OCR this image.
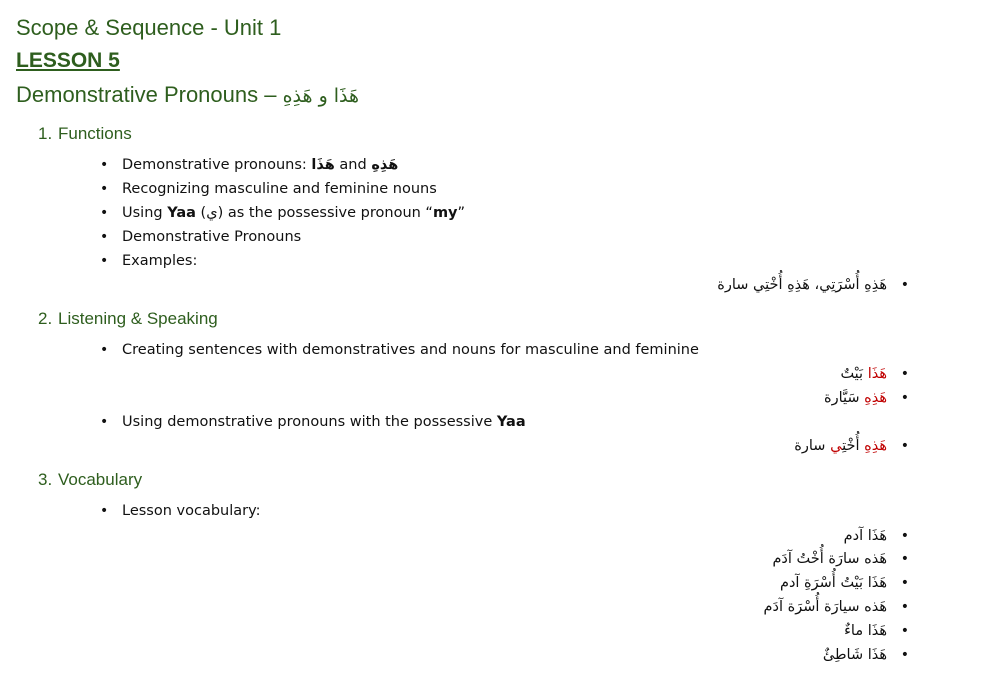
Scope & Sequence - Unit 1
LESSON 5
Demonstrative Pronouns – هَذَا و هَذِهِ
1. Functions
• Demonstrative pronouns: هَذَا and هَذِهِ
• Recognizing masculine and feminine nouns
• Using Yaa (ي) as the possessive pronoun “my”
• Demonstrative Pronouns
• Examples:
•
هَذِهِ أُسْرَتِي، هَذِهِ أُخْتِي سارة
2. Listening & Speaking
• Creating sentences with demonstratives and nouns for masculine and feminine
•
هَذَا بَيْتٌ
•
هَذِهِ سَيَّارة
• Using demonstrative pronouns with the possessive Yaa
•
هَذِهِ أُخْتِي سارة
3. Vocabulary
• Lesson vocabulary:
•
هَذَا آدم
•
هَذه سارَة أُخْتُ آدَم
•
هَذَا بَيْتُ أُسْرَةِ آدم
•
هَذه سيارَة أُسْرَة آدَم
•
هَذَا ماءٌ
•
هَذَا شَاطِئٌ
